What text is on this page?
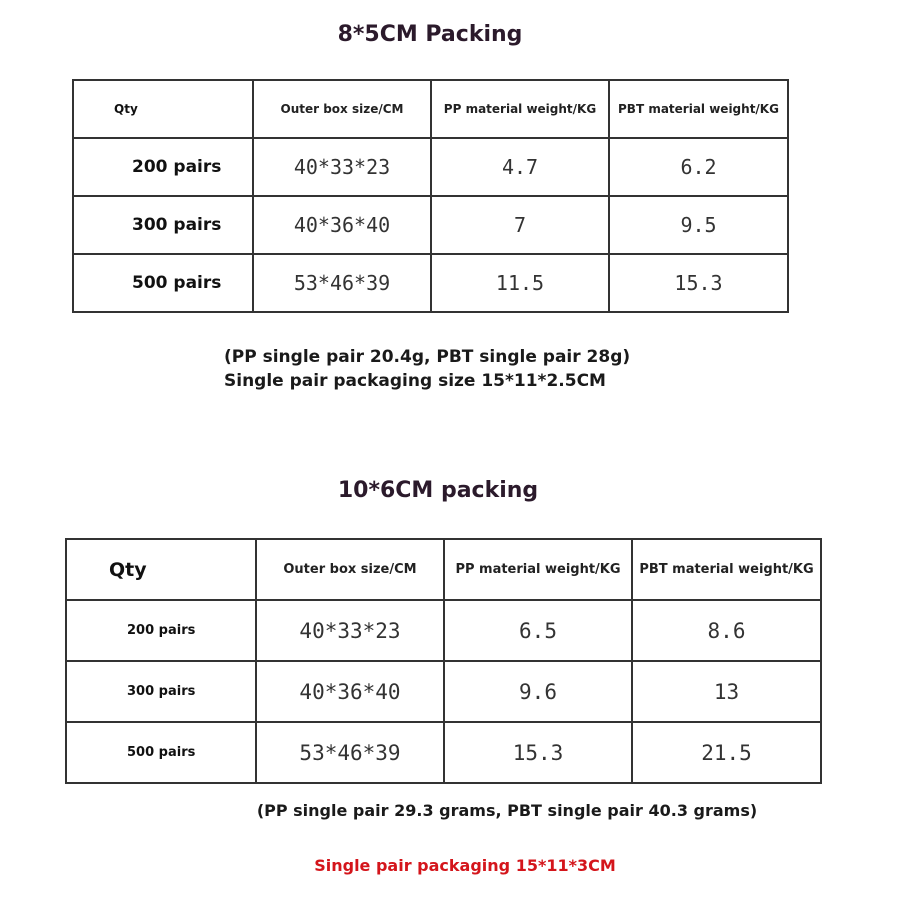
8*5CM Packing
Qty	Outer box size/CM	PP material weight/KG	PBT material weight/KG
200 pairs	40*33*23	4.7	6.2
300 pairs	40*36*40	7	9.5
500 pairs	53*46*39	11.5	15.3
(PP single pair 20.4g, PBT single pair 28g)
Single pair packaging size 15*11*2.5CM
10*6CM packing
Qty	Outer box size/CM	PP material weight/KG	PBT material weight/KG
200 pairs	40*33*23	6.5	8.6
300 pairs	40*36*40	9.6	13
500 pairs	53*46*39	15.3	21.5
(PP single pair 29.3 grams, PBT single pair 40.3 grams)
Single pair packaging 15*11*3CM
